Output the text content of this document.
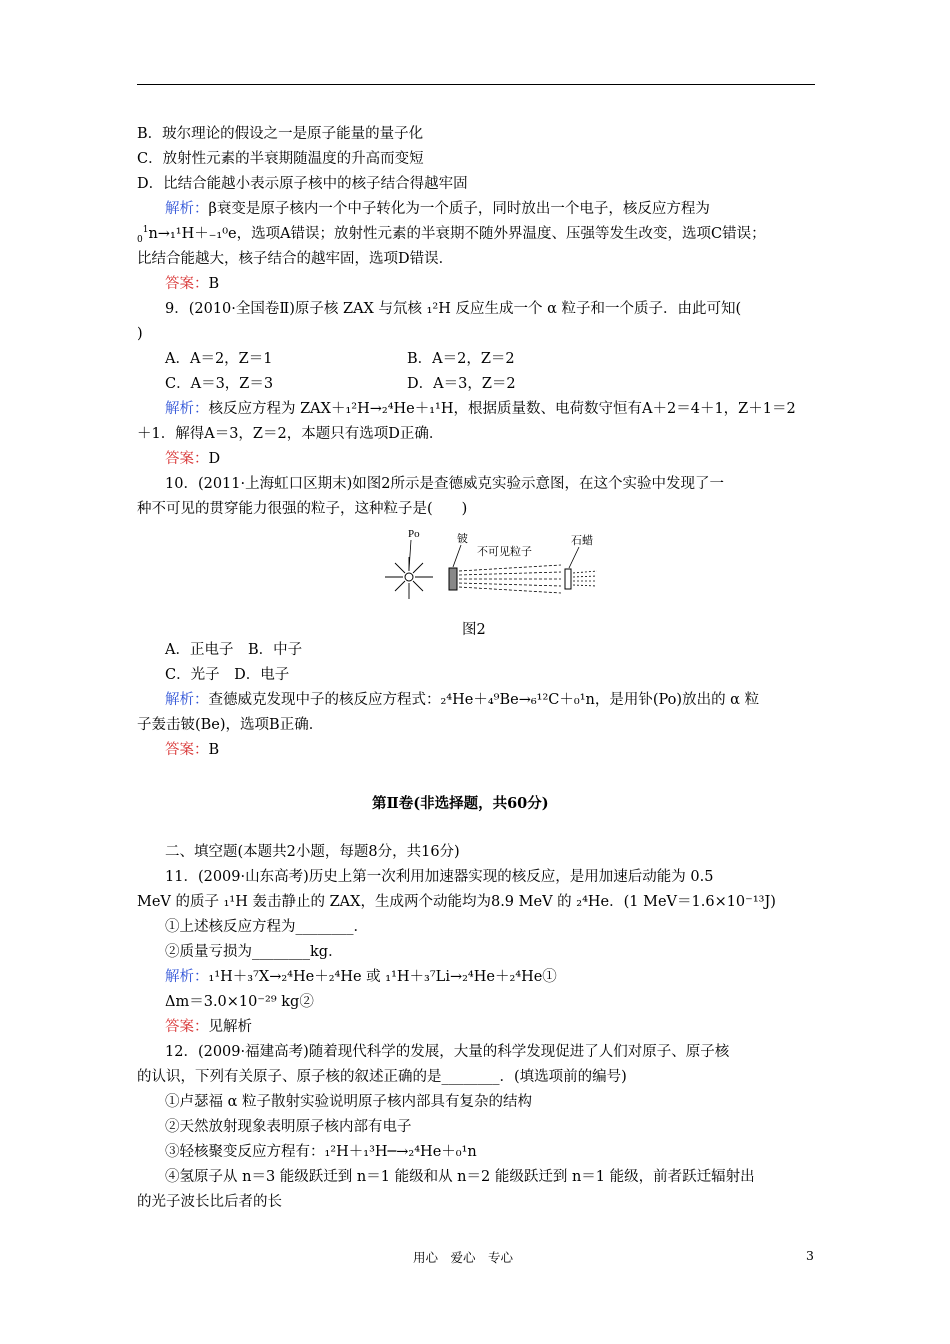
B．玻尔理论的假设之一是原子能量的量子化
C．放射性元素的半衰期随温度的升高而变短
D．比结合能越小表示原子核中的核子结合得越牢固
解析：β衰变是原子核内一个中子转化为一个质子，同时放出一个电子，核反应方程为
$_0^1$n→₁¹H＋₋₁⁰e，选项A错误；放射性元素的半衰期不随外界温度、压强等发生改变，选项C错误；
比结合能越大，核子结合的越牢固，选项D错误．
答案：B
9．(2010·全国卷Ⅱ)原子核 ZAX 与氘核 ₁²H 反应生成一个 α 粒子和一个质子．由此可知(
)
A．A＝2，Z＝1	B．A＝2，Z＝2
C．A＝3，Z＝3	D．A＝3，Z＝2
解析：核反应方程为 ZAX＋₁²H→₂⁴He＋₁¹H，根据质量数、电荷数守恒有A＋2＝4＋1，Z＋1＝2
＋1．解得A＝3，Z＝2，本题只有选项D正确．
答案：D
10．(2011·上海虹口区期末)如图2所示是查德威克实验示意图，在这个实验中发现了一
种不可见的贯穿能力很强的粒子，这种粒子是(　　)
Po	铍
不可见粒子
石蜡
图2
A．正电子　B．中子
C．光子　D．电子
解析：查德威克发现中子的核反应方程式：₂⁴He＋₄⁹Be→₆¹²C＋₀¹n，是用钋(Po)放出的 α 粒
子轰击铍(Be)，选项B正确．
答案：B
第Ⅱ卷(非选择题，共60分)
二、填空题(本题共2小题，每题8分，共16分)
11．(2009·山东高考)历史上第一次利用加速器实现的核反应，是用加速后动能为 0.5
MeV 的质子 ₁¹H 轰击静止的 ZAX，生成两个动能均为8.9 MeV 的 ₂⁴He．(1 MeV＝1.6×10⁻¹³J)
①上述核反应方程为________．
②质量亏损为________kg．
解析：₁¹H＋₃⁷X→₂⁴He＋₂⁴He 或 ₁¹H＋₃⁷Li→₂⁴He＋₂⁴He①
Δm＝3.0×10⁻²⁹ kg②
答案：见解析
12．(2009·福建高考)随着现代科学的发展，大量的科学发现促进了人们对原子、原子核
的认识，下列有关原子、原子核的叙述正确的是________．(填选项前的编号)
①卢瑟福 α 粒子散射实验说明原子核内部具有复杂的结构
②天然放射现象表明原子核内部有电子
③轻核聚变反应方程有：₁²H＋₁³H─→₂⁴He＋₀¹n
④氢原子从 n＝3 能级跃迁到 n＝1 能级和从 n＝2 能级跃迁到 n＝1 能级，前者跃迁辐射出
的光子波长比后者的长
用心　爱心　专心	3
